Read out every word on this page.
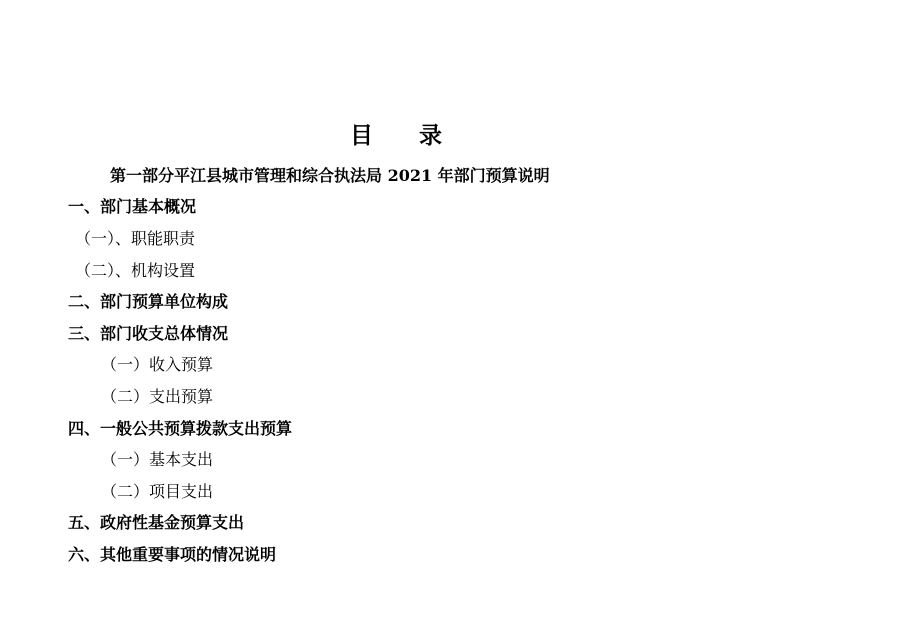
目　　录
第一部分平江县城市管理和综合执法局 2021 年部门预算说明
一、部门基本概况
（一）、职能职责
（二）、机构设置
二、部门预算单位构成
三、部门收支总体情况
（一）收入预算
（二）支出预算
四、一般公共预算拨款支出预算
（一）基本支出
（二）项目支出
五、政府性基金预算支出
六、其他重要事项的情况说明
